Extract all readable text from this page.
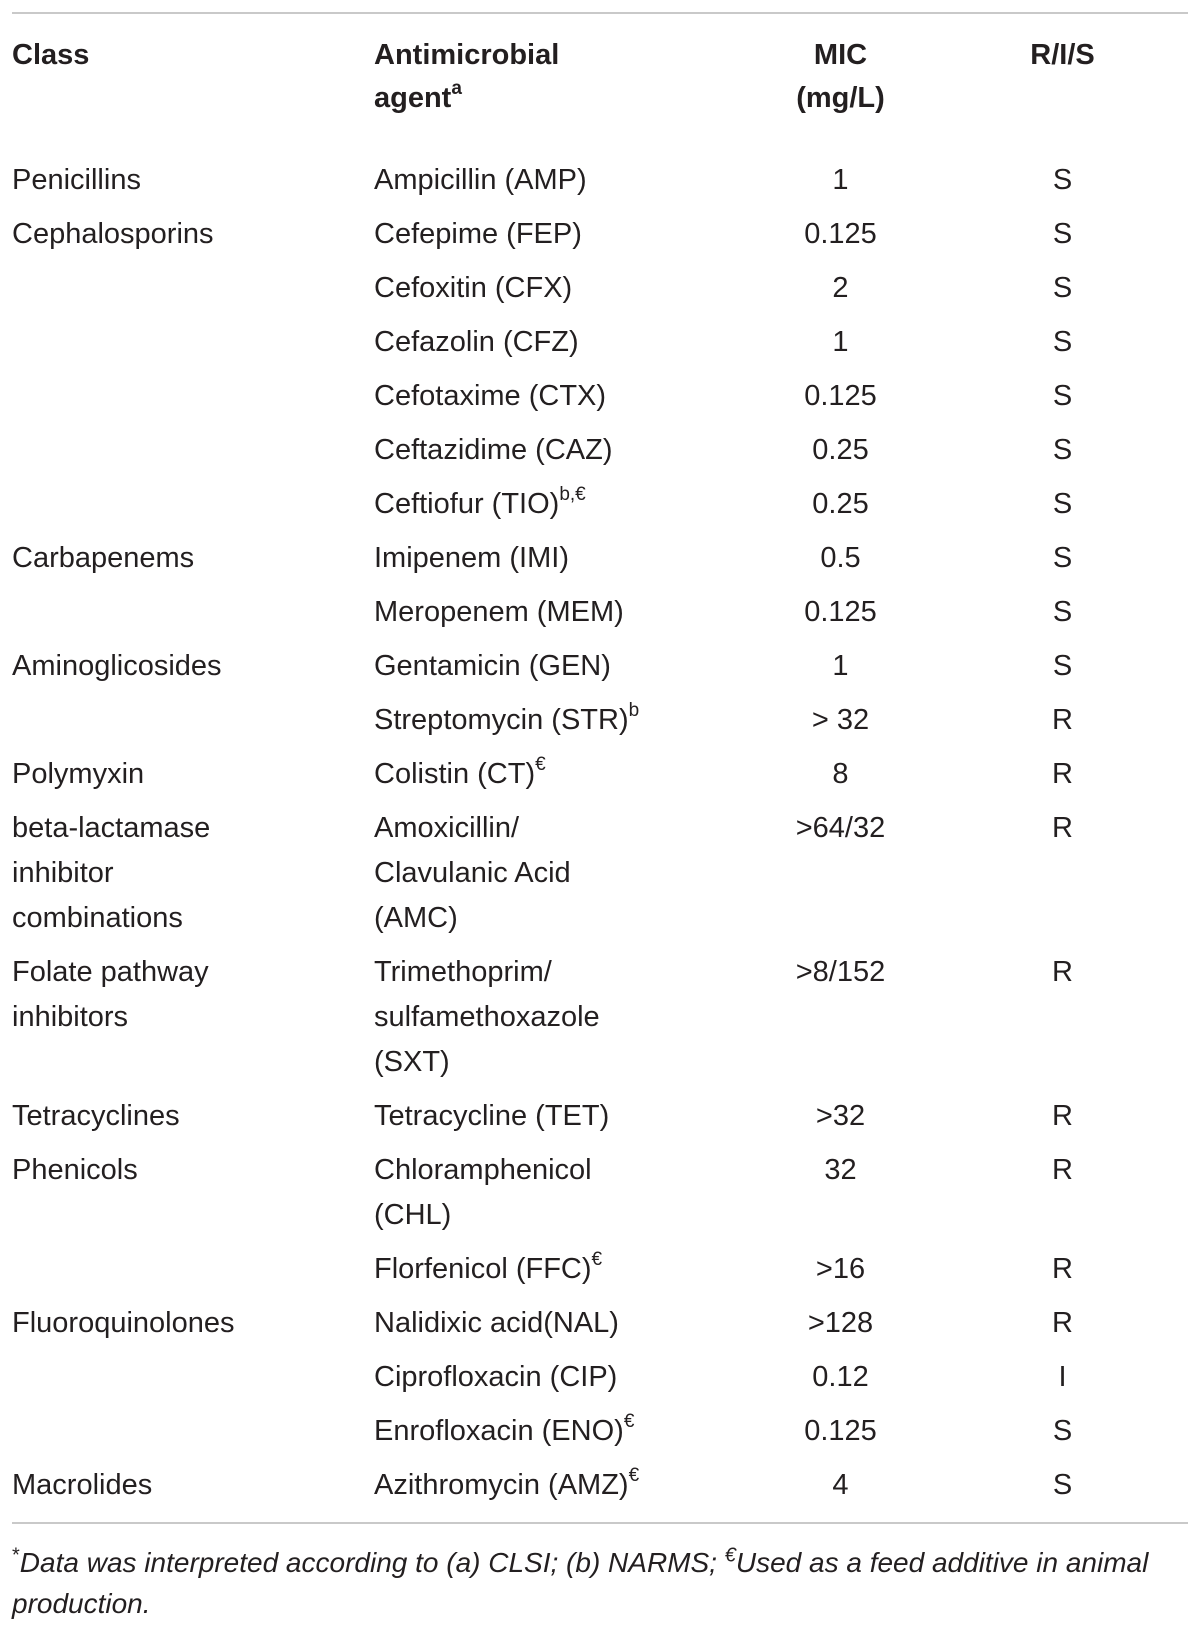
Class	Antimicrobial agent$^a$	MIC (mg/L)	R/I/S
Penicillins	Ampicillin (AMP)	1	S
Cephalosporins	Cefepime (FEP)	0.125	S
	Cefoxitin (CFX)	2	S
	Cefazolin (CFZ)	1	S
	Cefotaxime (CTX)	0.125	S
	Ceftazidime (CAZ)	0.25	S
	Ceftiofur (TIO)$^{b,€}$	0.25	S
Carbapenems	Imipenem (IMI)	0.5	S
	Meropenem (MEM)	0.125	S
Aminoglicosides	Gentamicin (GEN)	1	S
	Streptomycin (STR)$^b$	> 32	R
Polymyxin	Colistin (CT)€	8	R
beta-lactamase inhibitor combinations	Amoxicillin/ Clavulanic Acid (AMC)	>64/32	R
Folate pathway inhibitors	Trimethoprim/ sulfamethoxazole (SXT)	>8/152	R
Tetracyclines	Tetracycline (TET)	>32	R
Phenicols	Chloramphenicol (CHL)	32	R
	Florfenicol (FFC)€	>16	R
Fluoroquinolones	Nalidixic acid(NAL)	>128	R
	Ciprofloxacin (CIP)	0.12	I
	Enrofloxacin (ENO)€	0.125	S
Macrolides	Azithromycin (AMZ)€	4	S
*Data was interpreted according to (a) CLSI; (b) NARMS; €Used as a feed additive in animal production.
